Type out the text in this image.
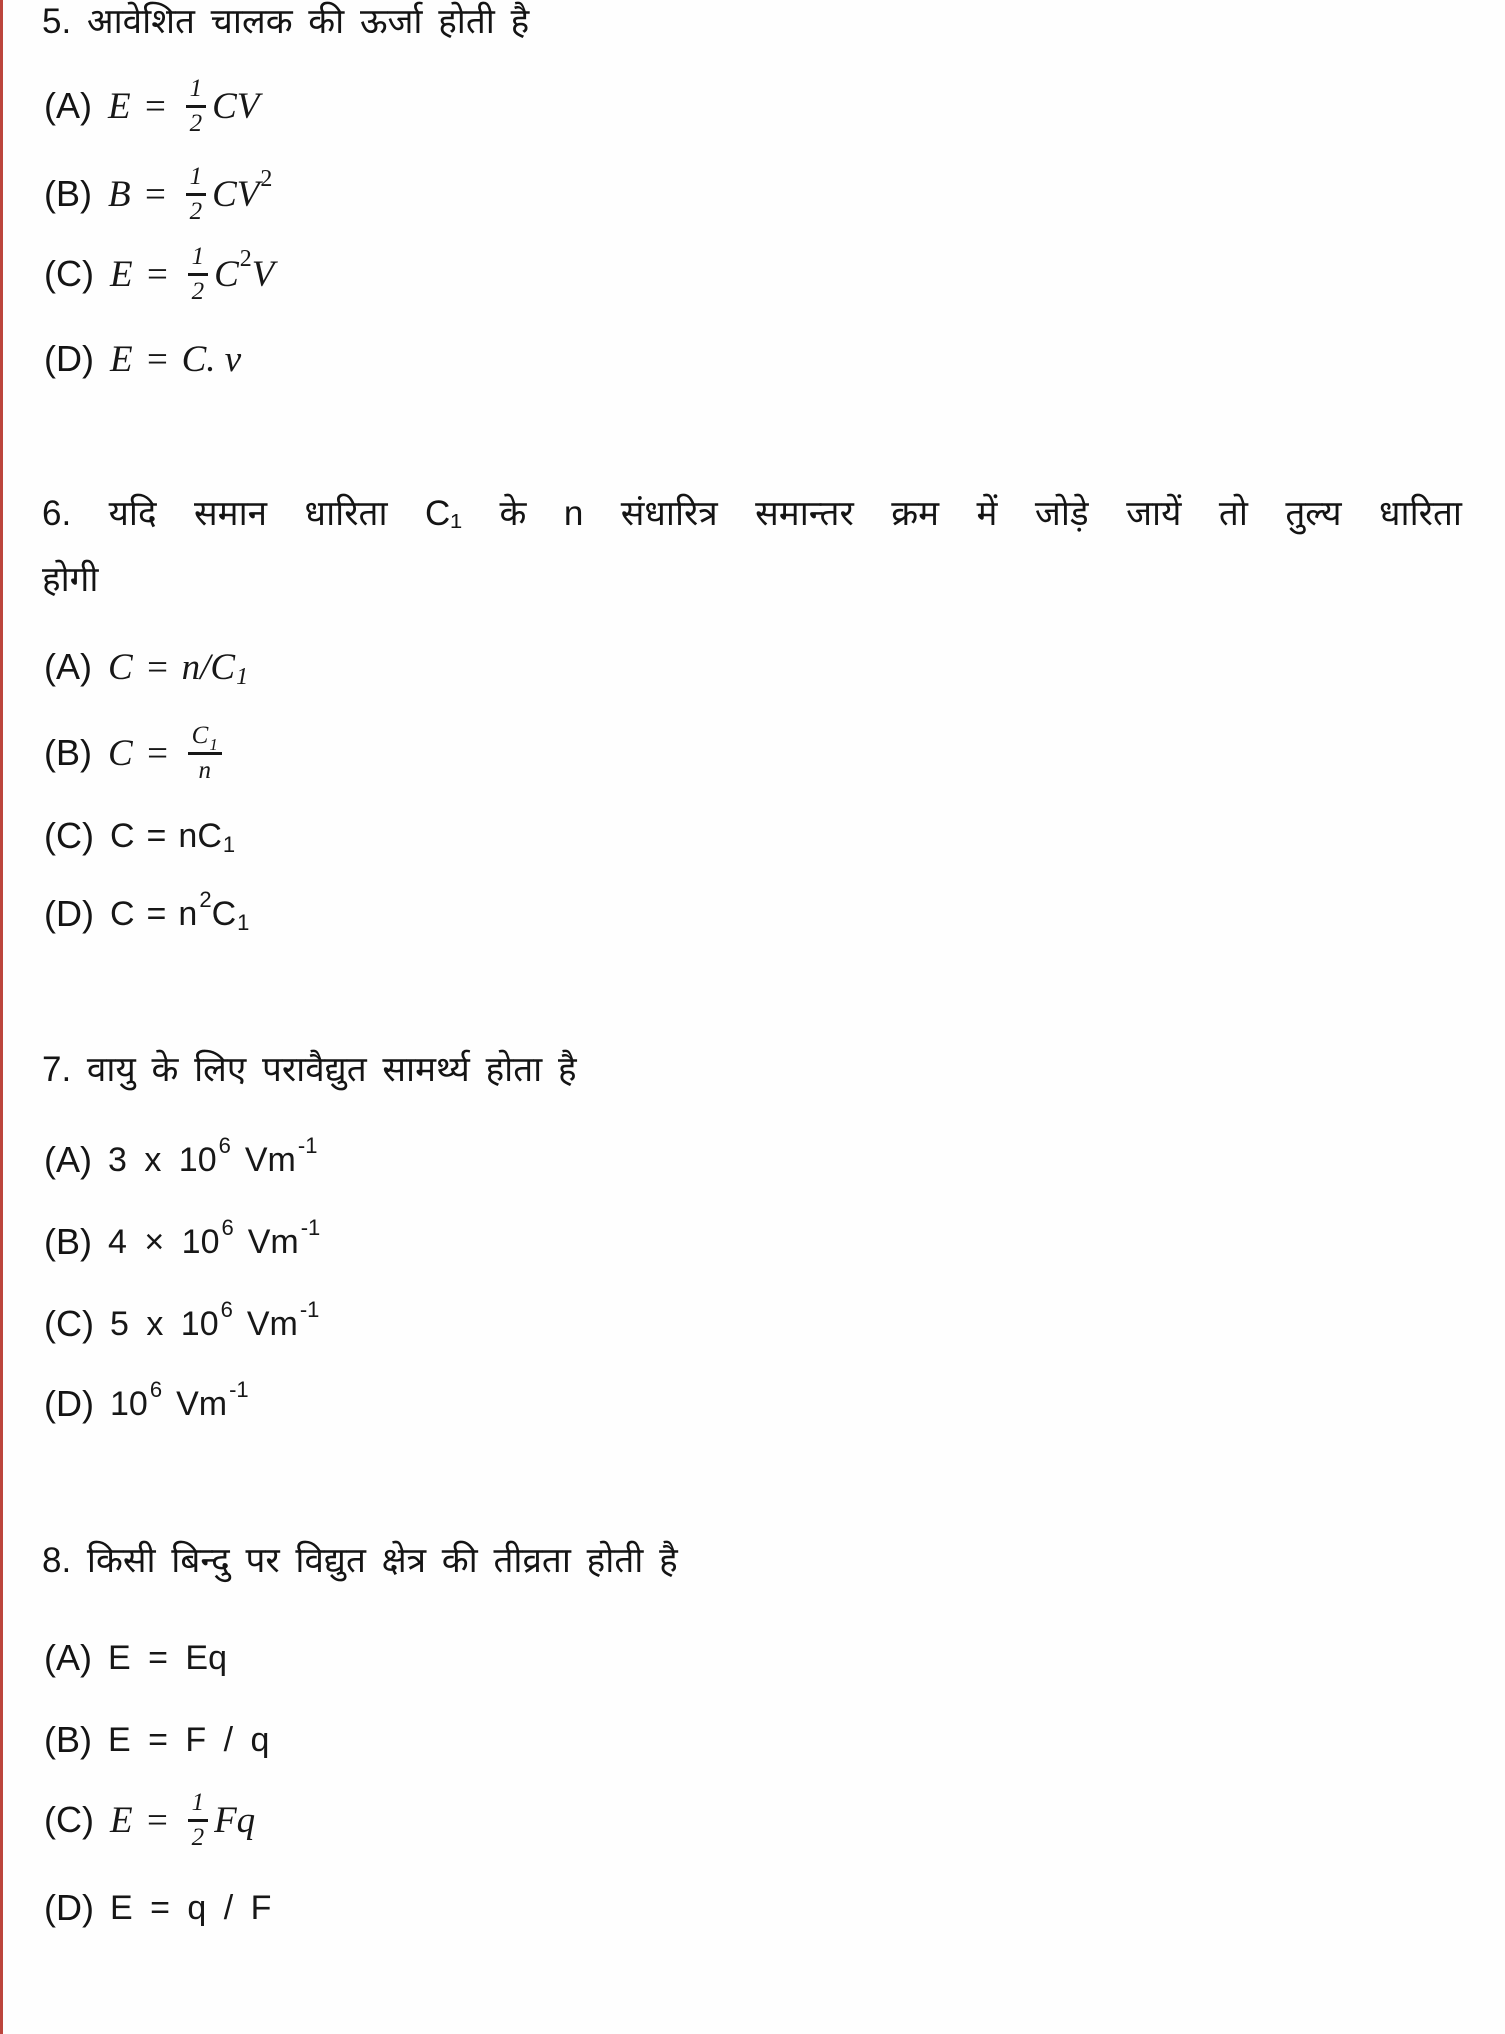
5. आवेशित चालक की ऊर्जा होती है
(A) $E = \frac{1}{2}$ CV
(B) $B = \frac{1}{2}$ CV 2
(C) $E = \frac{1}{2}$ C 2 V
(D) E = C. v
6. यदि समान धारिता C₁ के n संधारित्र समान्तर क्रम में जोड़े जायें तो तुल्य धारिता
होगी
(A) C = n/C 1
(B) $C = \frac{C_1}{n}$
(C) C = nC 1
(D) C = n 2 C 1
7. वायु के लिए परावैद्युत सामर्थ्य होता है
(A) 3 x 10 6 Vm -1
(B) 4 × 10 6 Vm -1
(C) 5 x 10 6 Vm -1
(D) 10 6 Vm -1
8. किसी बिन्दु पर विद्युत क्षेत्र की तीव्रता होती है
(A) E = Eq
(B) E = F / q
(C) $E = \frac{1}{2}$ Fq
(D) E = q / F
